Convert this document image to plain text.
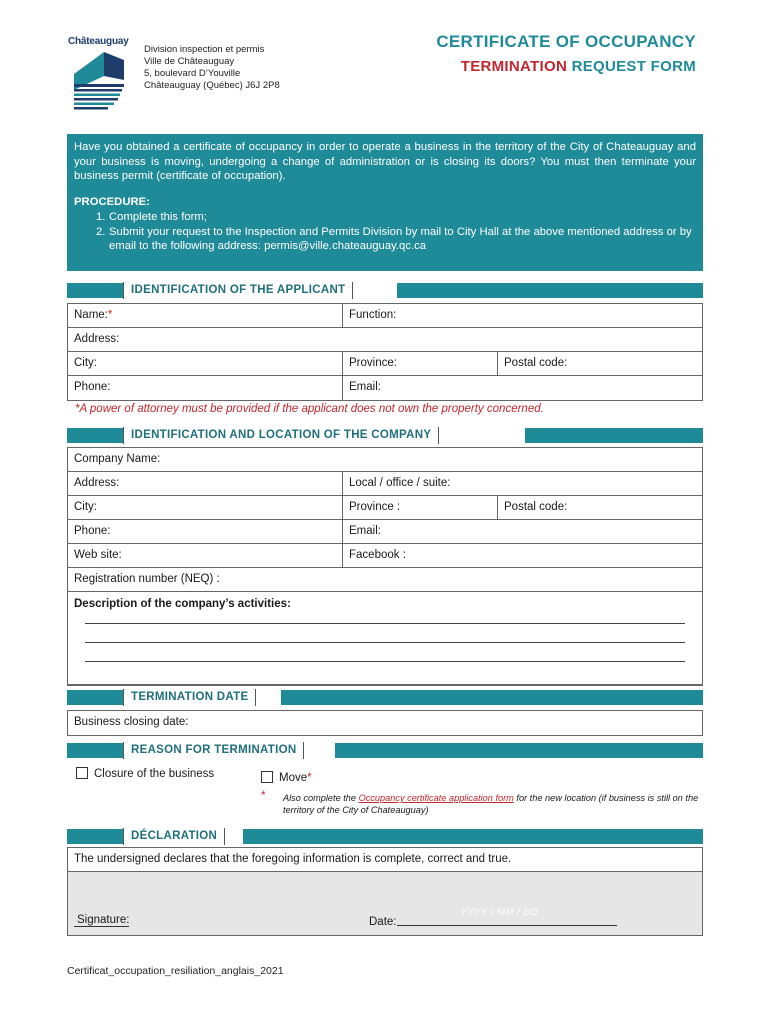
Châteauguay
Division inspection et permis
Ville de Châteauguay
5, boulevard D’Youville
Châteauguay (Québec) J6J 2P8
CERTIFICATE OF OCCUPANCY
TERMINATION REQUEST FORM

Have you obtained a certificate of occupancy in order to operate a business in the territory of the City of Chateauguay and your business is moving, undergoing a change of administration or is closing its doors? You must then terminate your business permit (certificate of occupation).

PROCEDURE:
1. Complete this form;
2. Submit your request to the Inspection and Permits Division by mail to City Hall at the above mentioned address or by email to the following address: permis@ville.chateauguay.qc.ca
IDENTIFICATION OF THE APPLICANT
Name:*	Function:
Address:
City:	Province:	Postal code:
Phone:	Email:
*A power of attorney must be provided if the applicant does not own the property concerned.
IDENTIFICATION AND LOCATION OF THE COMPANY
Company Name:
Address:	Local / office / suite:
City:	Province :	Postal code:
Phone:	Email:
Web site:	Facebook :
Registration number (NEQ) :
Description of the company’s activities:
TERMINATION DATE
Business closing date:
REASON FOR TERMINATION
Closure of the business	Move*
* Also complete the Occupancy certificate application form for the new location (if business is still on the territory of the City of Chateauguay)
DÉCLARATION
The undersigned declares that the foregoing information is complete, correct and true.
Signature:	Date:
YYYY / MM / DD
Certificat_occupation_resiliation_anglais_2021
